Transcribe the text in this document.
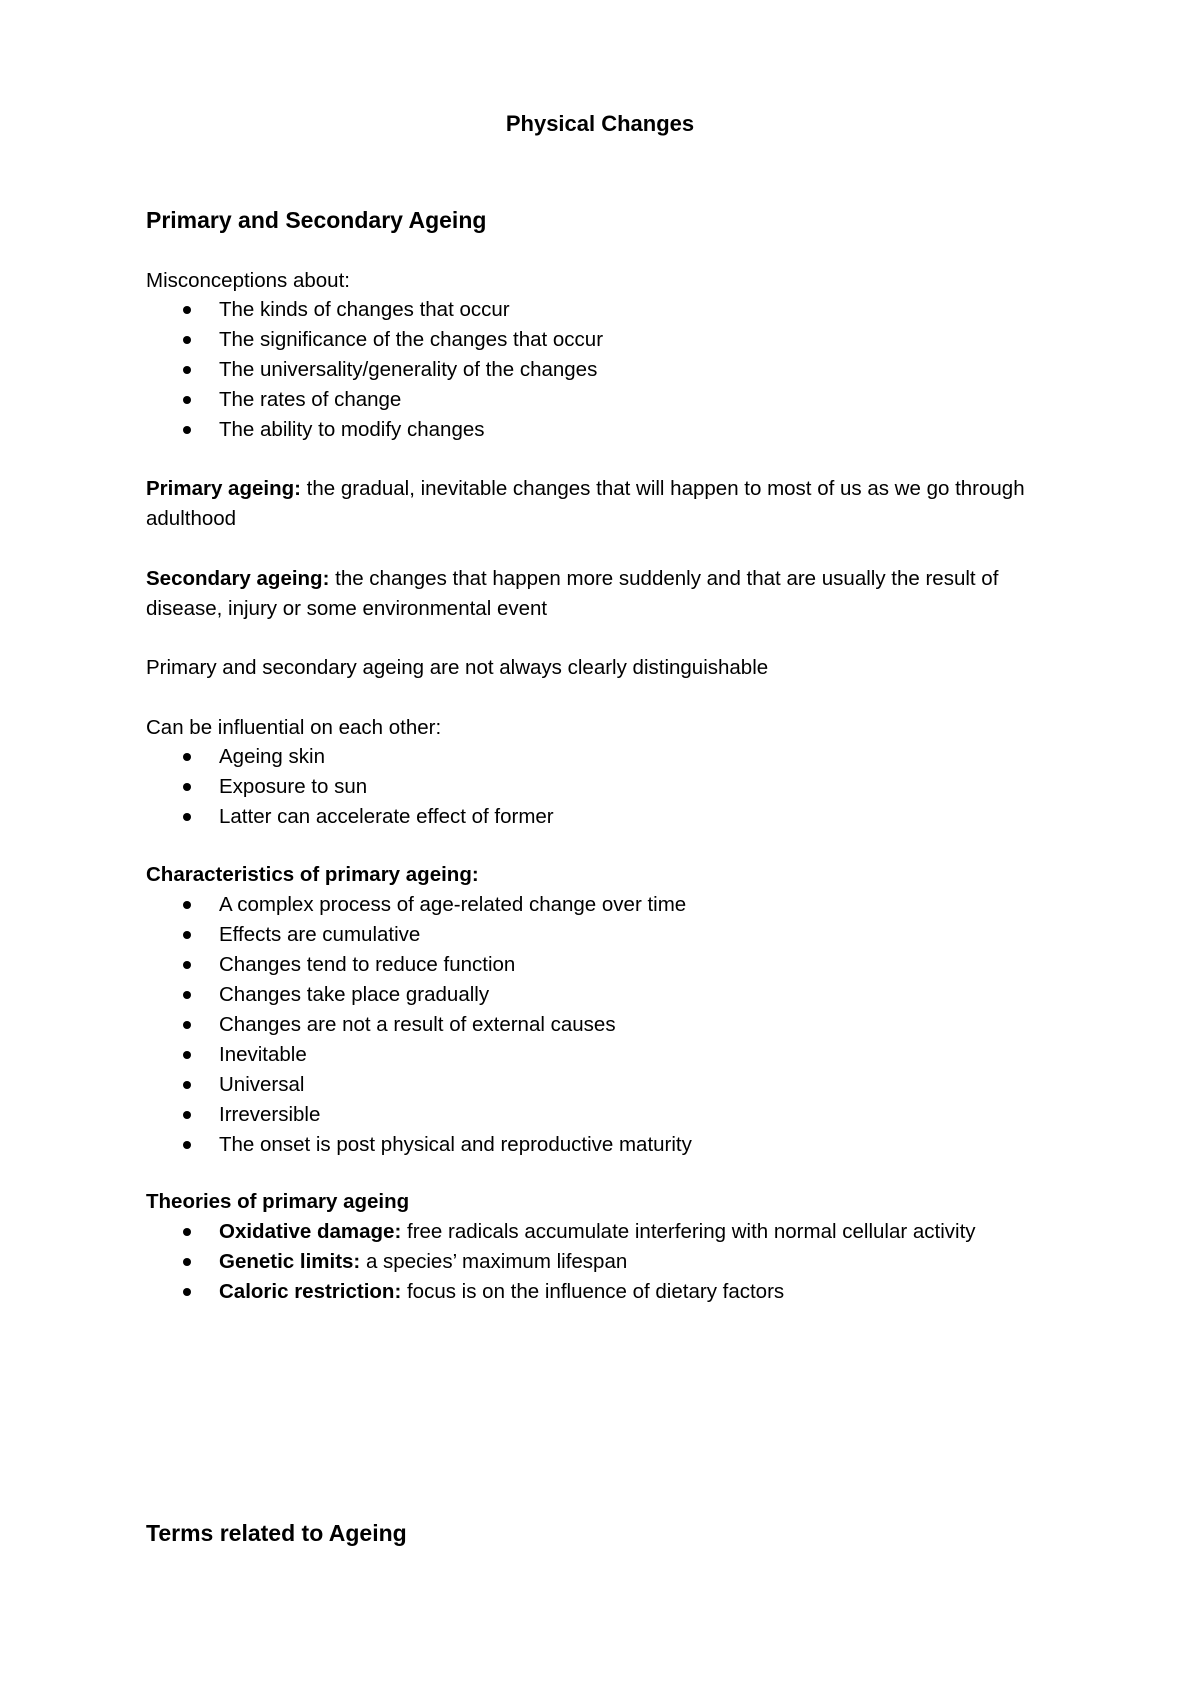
Physical Changes
Primary and Secondary Ageing

Misconceptions about:

The kinds of changes that occur
The significance of the changes that occur
The universality/generality of the changes
The rates of change
The ability to modify changes

Primary ageing: the gradual, inevitable changes that will happen to most of us as we go through adulthood

Secondary ageing: the changes that happen more suddenly and that are usually the result of disease, injury or some environmental event

Primary and secondary ageing are not always clearly distinguishable

Can be influential on each other:

Ageing skin
Exposure to sun
Latter can accelerate effect of former

Characteristics of primary ageing:

A complex process of age-related change over time
Effects are cumulative
Changes tend to reduce function
Changes take place gradually
Changes are not a result of external causes
Inevitable
Universal
Irreversible
The onset is post physical and reproductive maturity

Theories of primary ageing

Oxidative damage: free radicals accumulate interfering with normal cellular activity
Genetic limits: a species’ maximum lifespan
Caloric restriction: focus is on the influence of dietary factors
Terms related to Ageing
